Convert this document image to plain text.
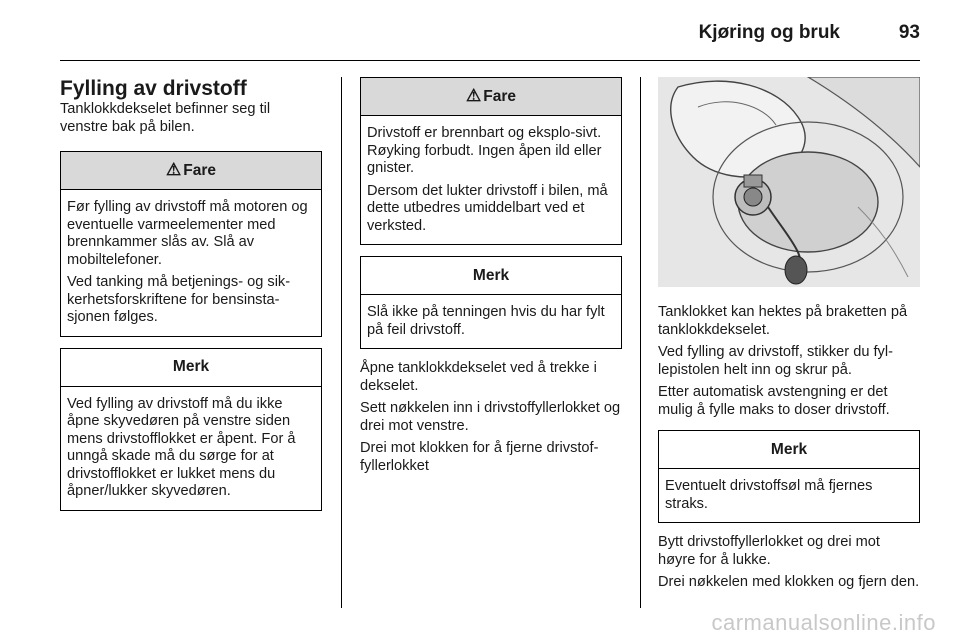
Kjøring og bruk	93
Fylling av drivstoff

Tanklokkdekselet befinner seg til venstre bak på bilen.

⚠ Fare

Før fylling av drivstoff må motoren og eventuelle varmeelementer med brennkammer slås av. Slå av mobiltelefoner.

Ved tanking må betjenings- og sik-kerhetsforskriftene for bensinsta-sjonen følges.

Merk

Ved fylling av drivstoff må du ikke åpne skyvedøren på venstre siden mens drivstofflokket er åpent. For å unngå skade må du sørge for at drivstofflokket er lukket mens du åpner/lukker skyvedøren.

⚠ Fare

Drivstoff er brennbart og eksplo-sivt. Røyking forbudt. Ingen åpen ild eller gnister.

Dersom det lukter drivstoff i bilen, må dette utbedres umiddelbart ved et verksted.

Merk

Slå ikke på tenningen hvis du har fylt på feil drivstoff.

Åpne tanklokkdekselet ved å trekke i dekselet.

Sett nøkkelen inn i drivstoffyllerlokket og drei mot venstre.

Drei mot klokken for å fjerne drivstof-fyllerlokket

Tanklokket kan hektes på braketten på tanklokkdekselet.

Ved fylling av drivstoff, stikker du fyl-lepistolen helt inn og skrur på.

Etter automatisk avstengning er det mulig å fylle maks to doser drivstoff.

Merk

Eventuelt drivstoffsøl må fjernes straks.

Bytt drivstoffyllerlokket og drei mot høyre for å lukke.

Drei nøkkelen med klokken og fjern den.

carmanualsonline.info
